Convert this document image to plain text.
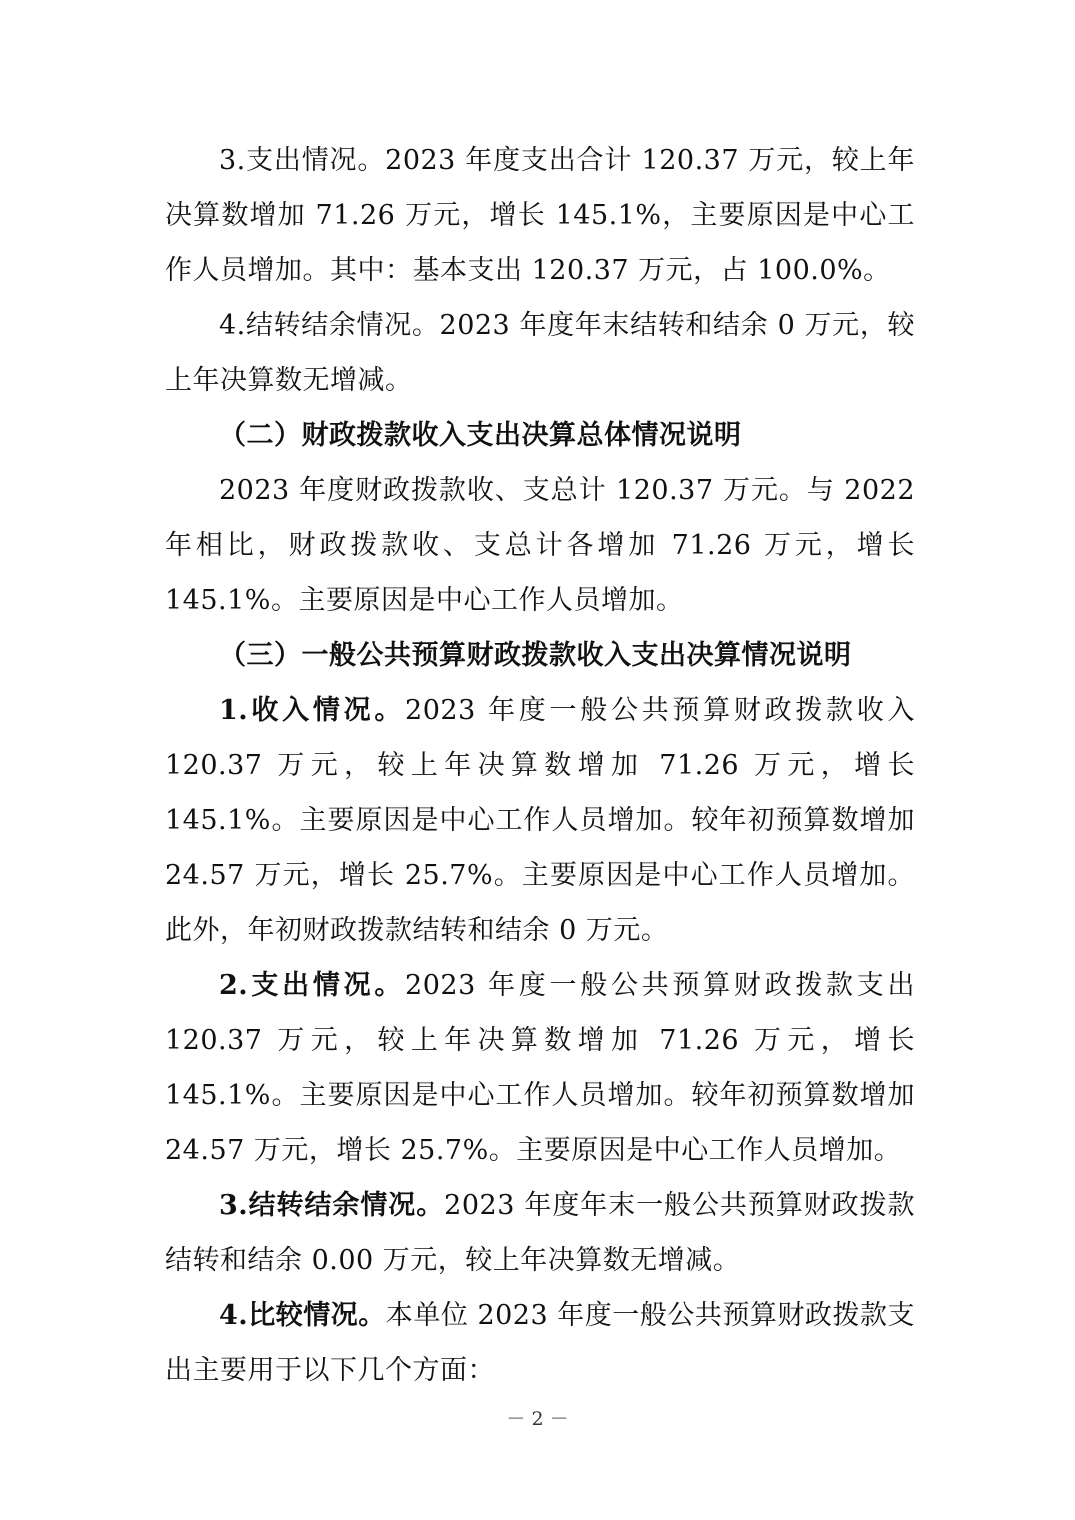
3.支出情况。2023 年度支出合计 120.37 万元，较上年决算数增加 71.26 万元，增长 145.1%，主要原因是中心工作人员增加。其中：基本支出 120.37 万元，占 100.0%。

4.结转结余情况。2023 年度年末结转和结余 0 万元，较上年决算数无增减。

（二）财政拨款收入支出决算总体情况说明

2023 年度财政拨款收、支总计 120.37 万元。与 2022 年相比，财政拨款收、支总计各增加 71.26 万元，增长 145.1%。主要原因是中心工作人员增加。

（三）一般公共预算财政拨款收入支出决算情况说明

1.收入情况。2023 年度一般公共预算财政拨款收入 120.37 万元，较上年决算数增加 71.26 万元，增长 145.1%。主要原因是中心工作人员增加。较年初预算数增加 24.57 万元，增长 25.7%。主要原因是中心工作人员增加。此外，年初财政拨款结转和结余 0 万元。

2.支出情况。2023 年度一般公共预算财政拨款支出 120.37 万元，较上年决算数增加 71.26 万元，增长 145.1%。主要原因是中心工作人员增加。较年初预算数增加 24.57 万元，增长 25.7%。主要原因是中心工作人员增加。

3.结转结余情况。2023 年度年末一般公共预算财政拨款结转和结余 0.00 万元，较上年决算数无增减。

4.比较情况。本单位 2023 年度一般公共预算财政拨款支出主要用于以下几个方面：

－ 2 －
